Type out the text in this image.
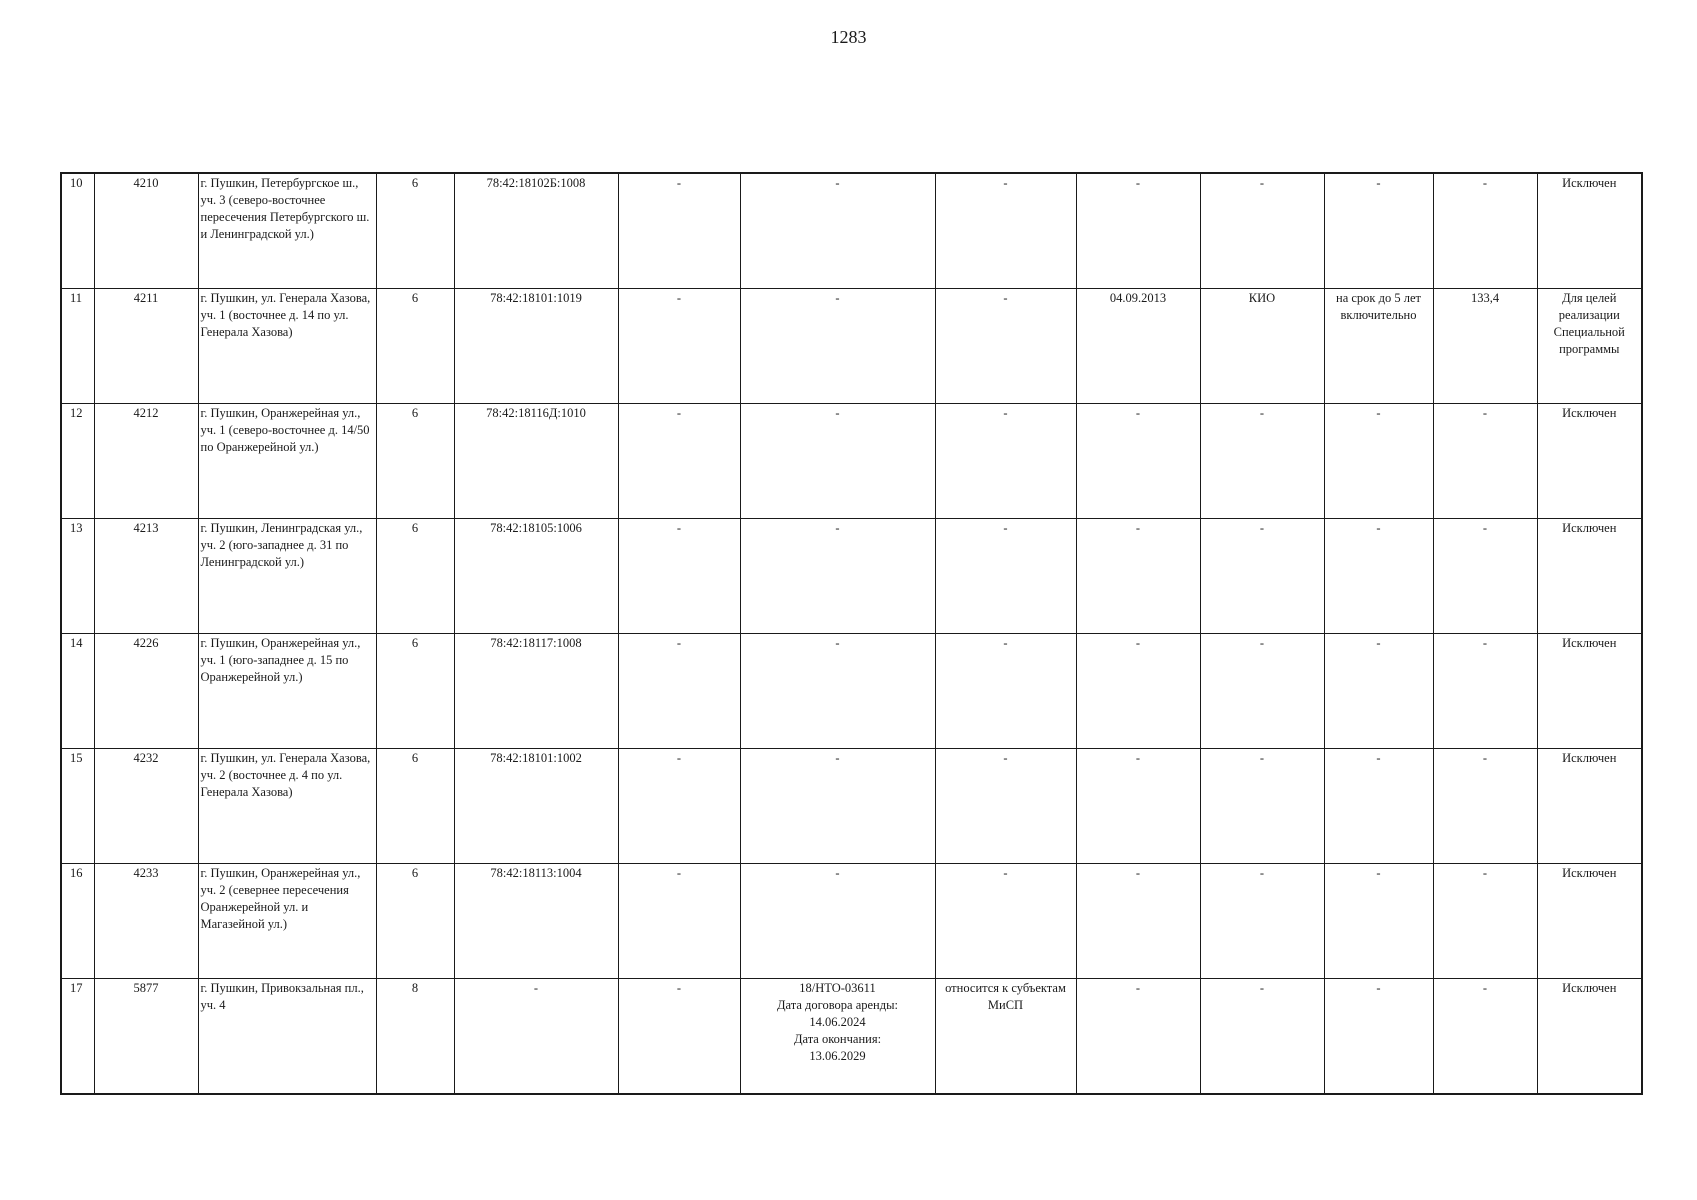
1283
10	4210	г. Пушкин, Петербургское ш., уч. 3 (северо-восточнее пересечения Петербургского ш. и Ленинградской ул.)	6	78:42:18102Б:1008	-	-	-	-	-	-	-	Исключен
11	4211	г. Пушкин, ул. Генерала Хазова, уч. 1 (восточнее д. 14 по ул. Генерала Хазова)	6	78:42:18101:1019	-	-	-	04.09.2013	КИО	на срок до 5 лет включительно	133,4	Для целей реализации Специальной программы
12	4212	г. Пушкин, Оранжерейная ул., уч. 1 (северо-восточнее д. 14/50 по Оранжерейной ул.)	6	78:42:18116Д:1010	-	-	-	-	-	-	-	Исключен
13	4213	г. Пушкин, Ленинградская ул., уч. 2 (юго-западнее д. 31 по Ленинградской ул.)	6	78:42:18105:1006	-	-	-	-	-	-	-	Исключен
14	4226	г. Пушкин, Оранжерейная ул., уч. 1 (юго-западнее д. 15 по Оранжерейной ул.)	6	78:42:18117:1008	-	-	-	-	-	-	-	Исключен
15	4232	г. Пушкин, ул. Генерала Хазова, уч. 2 (восточнее д. 4 по ул. Генерала Хазова)	6	78:42:18101:1002	-	-	-	-	-	-	-	Исключен
16	4233	г. Пушкин, Оранжерейная ул., уч. 2 (севернее пересечения Оранжерейной ул. и Магазейной ул.)	6	78:42:18113:1004	-	-	-	-	-	-	-	Исключен
17	5877	г. Пушкин, Привокзальная пл., уч. 4	8	-	-	18/НТО-03611
Дата договора аренды:
14.06.2024
Дата окончания:
13.06.2029	относится к субъектам МиСП	-	-	-	-	Исключен
